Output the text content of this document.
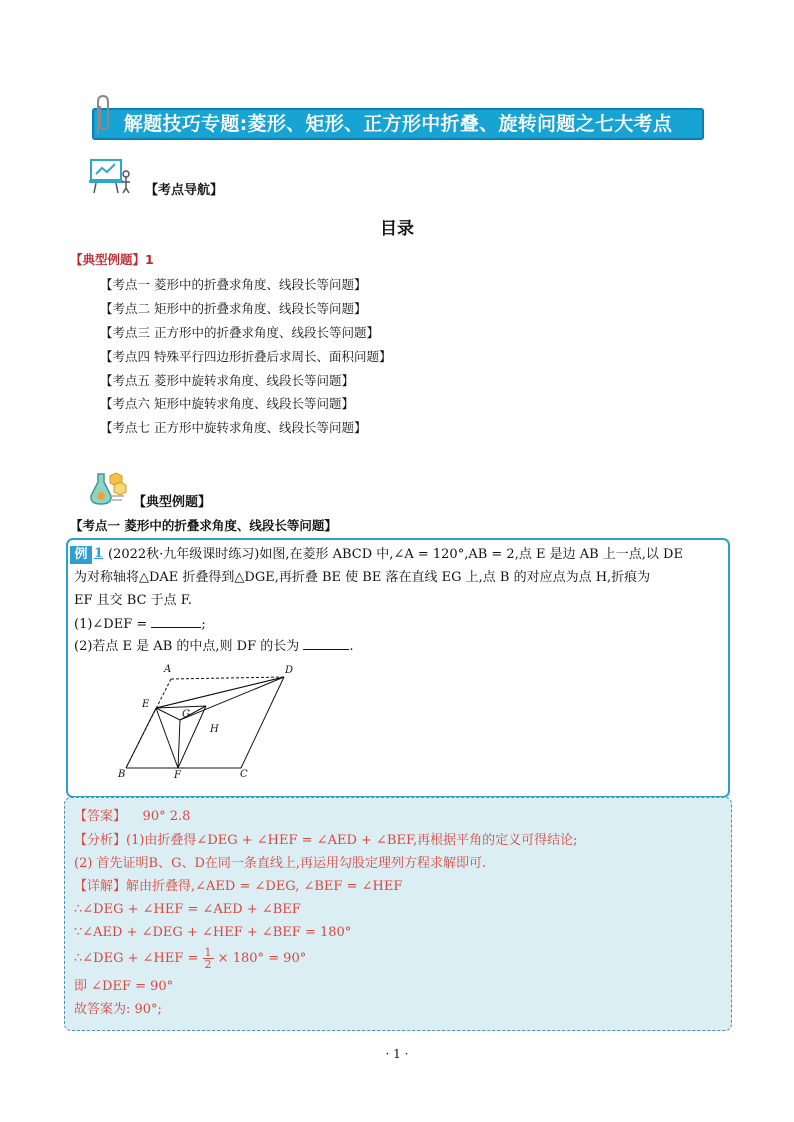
解题技巧专题:菱形、矩形、正方形中折叠、旋转问题之七大考点
【考点导航】
目录
【典型例题】1
【考点一 菱形中的折叠求角度、线段长等问题】
【考点二 矩形中的折叠求角度、线段长等问题】
【考点三 正方形中的折叠求角度、线段长等问题】
【考点四 特殊平行四边形折叠后求周长、面积问题】
【考点五 菱形中旋转求角度、线段长等问题】
【考点六 矩形中旋转求角度、线段长等问题】
【考点七 正方形中旋转求角度、线段长等问题】
【典型例题】
【考点一 菱形中的折叠求角度、线段长等问题】
例 1 (2022秋·九年级课时练习)如图,在菱形 ABCD 中,∠A = 120°,AB = 2,点 E 是边 AB 上一点,以 DE
为对称轴将△DAE 折叠得到△DGE,再折叠 BE 使 BE 落在直线 EG 上,点 B 的对应点为点 H,折痕为
EF 且交 BC 于点 F.
(1)∠DEF =	;
(2)若点 E 是 AB 的中点,则 DF 的长为	.
A	D
E
G
H
B	F	C
【答案】 90° 2.8
【分析】(1)由折叠得∠DEG + ∠HEF = ∠AED + ∠BEF,再根据平角的定义可得结论;
(2) 首先证明B、G、D在同一条直线上,再运用勾股定理列方程求解即可.
【详解】解由折叠得,∠AED = ∠DEG, ∠BEF = ∠HEF
∴∠DEG + ∠HEF = ∠AED + ∠BEF
∵∠AED + ∠DEG + ∠HEF + ∠BEF = 180°
∴∠DEG + ∠HEF = $\frac{1}{2} \times 180^\circ = 90^\circ$
即 ∠DEF = 90°
故答案为: 90°;
· 1 ·
